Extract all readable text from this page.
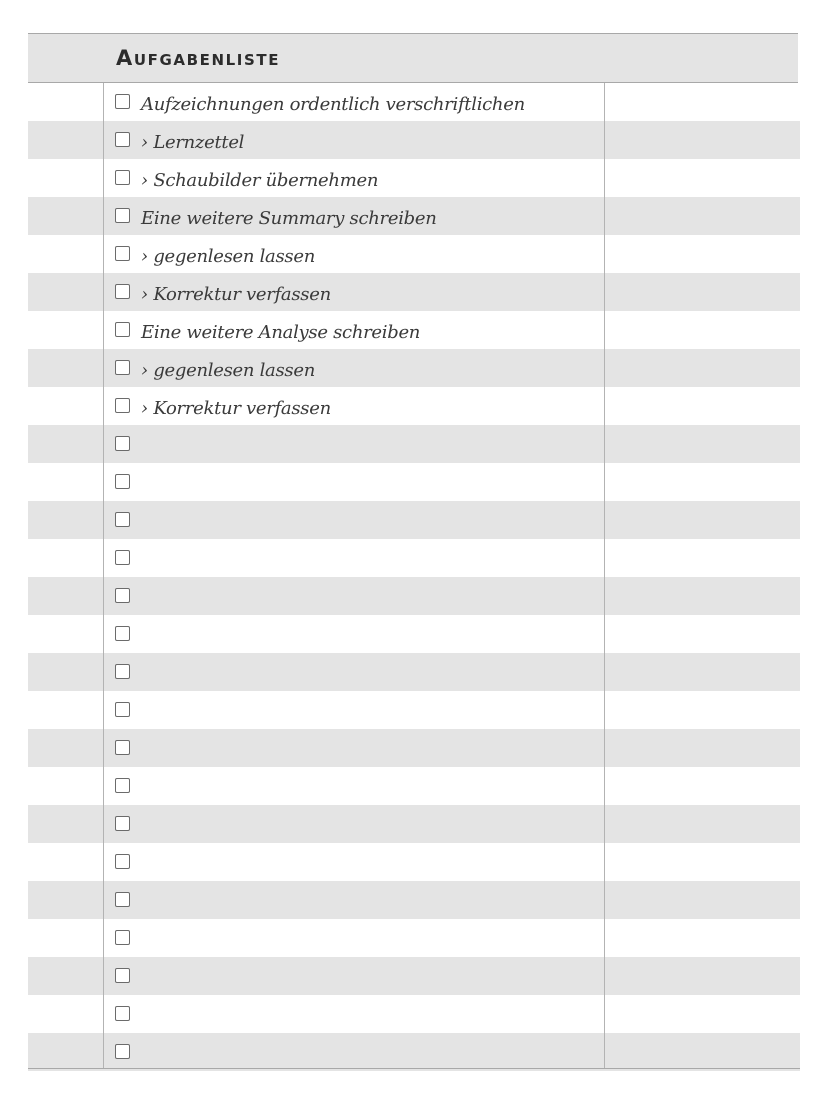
Aufgabenliste
Aufzeichnungen ordentlich verschriftlichen
› Lernzettel
› Schaubilder übernehmen
Eine weitere Summary schreiben
› gegenlesen lassen
› Korrektur verfassen
Eine weitere Analyse schreiben
› gegenlesen lassen
› Korrektur verfassen
